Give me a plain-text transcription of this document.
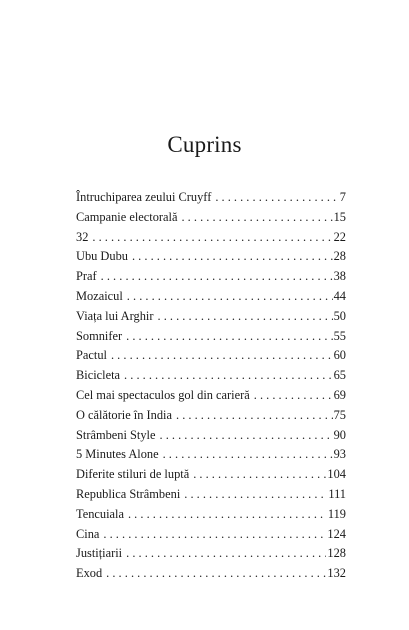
Cuprins
Întruchiparea zeului Cruyff . . .	7
Campanie electorală . . .	15
32 . . .	22
Ubu Dubu . . .	28
Praf . . .	38
Mozaicul . . .	44
Viața lui Arghir . . .	50
Somnifer . . .	55
Pactul . . .	60
Bicicleta . . .	65
Cel mai spectaculos gol din carieră . . .	69
O călătorie în India . . .	75
Strâmbeni Style . . .	90
5 Minutes Alone . . .	93
Diferite stiluri de luptă . . .	104
Republica Strâmbeni . . .	111
Tencuiala . . .	119
Cina . . .	124
Justițiarii . . .	128
Exod . . .	132
